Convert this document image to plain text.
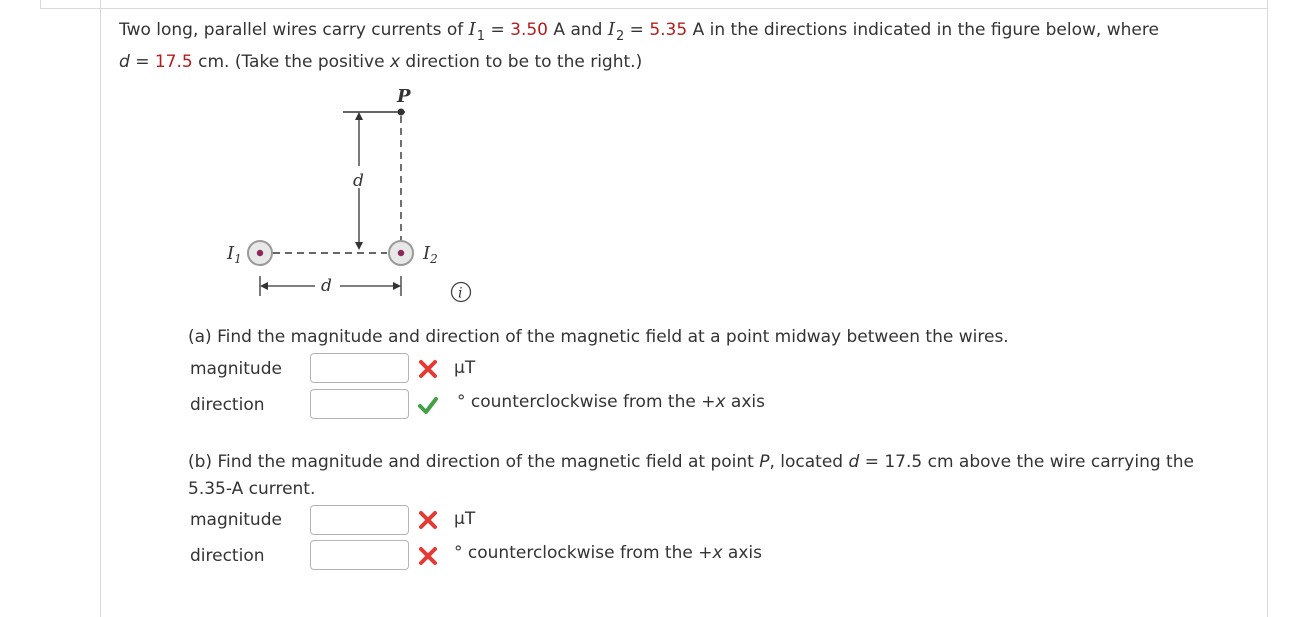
Two long, parallel wires carry currents of $I_1 = 3.50$ A and $I_2 = 5.35$ A in the directions indicated in the figure below, where
d = 17.5 cm. (Take the positive x direction to be to the right.)
P
d
$I_1$	$I_2$
d	i
(a) Find the magnitude and direction of the magnetic field at a point midway between the wires.
magnitude	μT
direction	° counterclockwise from the +x axis
(b) Find the magnitude and direction of the magnetic field at point P, located d = 17.5 cm above the wire carrying the
5.35-A current.
magnitude	μT
direction	° counterclockwise from the +x axis
